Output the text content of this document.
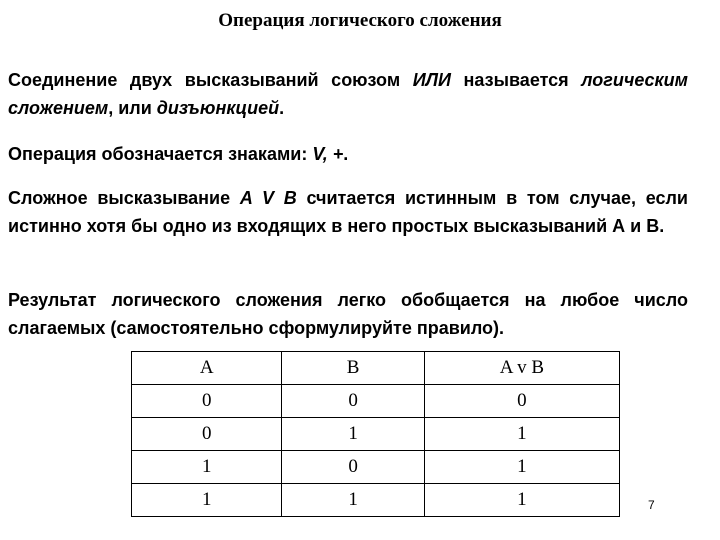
Операция логического сложения
Соединение двух высказываний союзом ИЛИ называется логическим сложением, или дизъюнкцией.
Операция обозначается знаками: V, +.
Сложное высказывание A V B считается истинным в том случае, если истинно хотя бы одно из входящих в него простых высказываний А и В.
Результат логического сложения легко обобщается на любое число слагаемых (самостоятельно сформулируйте правило).
A	B	A v B
0	0	0
0	1	1
1	0	1
1	1	1	7
